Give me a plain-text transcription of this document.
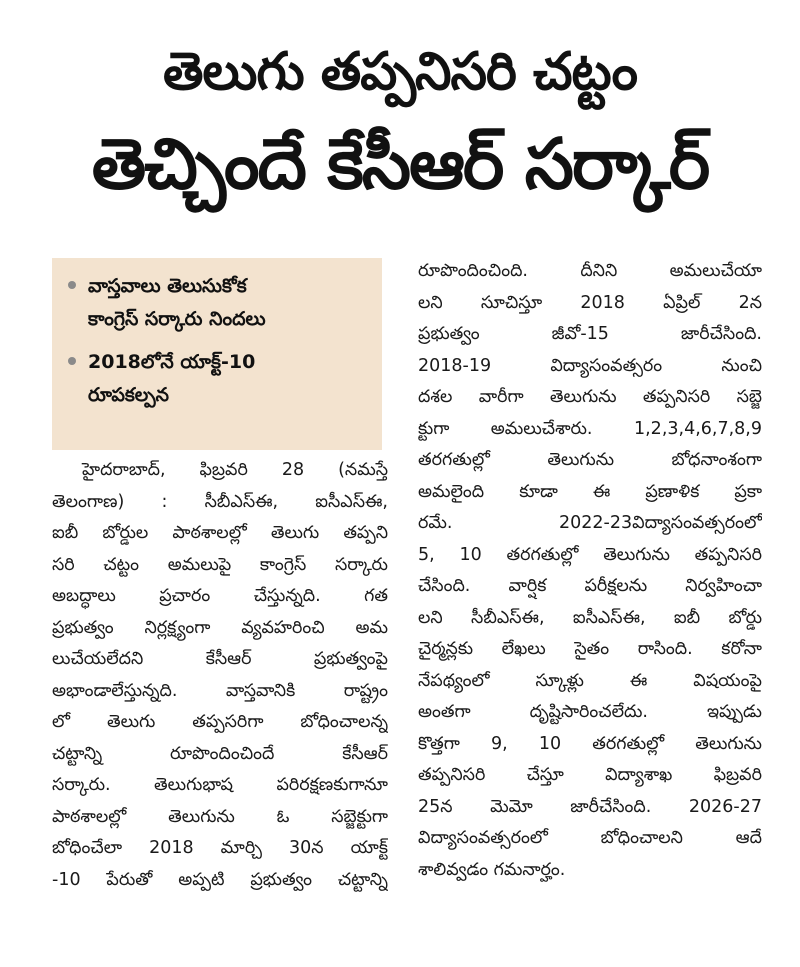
తెలుగు తప్పనిసరి చట్టం
తెచ్చిందే కేసీఆర్ సర్కార్
వాస్తవాలు తెలుసుకోక
కాంగ్రెస్ సర్కారు నిందలు
2018లోనే యాక్ట్-10
రూపకల్పన
హైదరాబాద్, ఫిబ్రవరి 28 (నమస్తే
తెలంగాణ) : సీబీఎస్ఈ, ఐసీఎస్ఈ,
ఐబీ బోర్డుల పాఠశాలల్లో తెలుగు తప్పని
సరి చట్టం అమలుపై కాంగ్రెస్ సర్కారు
అబద్ధాలు ప్రచారం చేస్తున్నది. గత
ప్రభుత్వం నిర్లక్ష్యంగా వ్యవహరించి అమ
లుచేయలేదని కేసీఆర్ ప్రభుత్వంపై
అభాండాలేస్తున్నది. వాస్తవానికి రాష్ట్రం
లో తెలుగు తప్పసరిగా బోధించాలన్న
చట్టాన్ని రూపొందించిందే కేసీఆర్
సర్కారు. తెలుగుభాష పరిరక్షణకుగానూ
పాఠశాలల్లో తెలుగును ఓ సబ్జెక్టుగా
బోధించేలా 2018 మార్చి 30న యాక్ట్
-10 పేరుతో అప్పటి ప్రభుత్వం చట్టాన్ని
రూపొందించింది. దీనిని అమలుచేయా
లని సూచిస్తూ 2018 ఏప్రిల్ 2న
ప్రభుత్వం జీవో-15 జారీచేసింది.
2018-19 విద్యాసంవత్సరం నుంచి
దశల వారీగా తెలుగును తప్పనిసరి సబ్జె
క్టుగా అమలుచేశారు. 1,2,3,4,6,7,8,9
తరగతుల్లో తెలుగును బోధనాంశంగా
అమలైంది కూడా ఈ ప్రణాళిక ప్రకా
రమే. 2022-23విద్యాసంవత్సరంలో
5, 10 తరగతుల్లో తెలుగును తప్పనిసరి
చేసింది. వార్షిక పరీక్షలను నిర్వహించా
లని సీబీఎస్ఈ, ఐసీఎస్ఈ, ఐబీ బోర్డు
చైర్మన్లకు లేఖలు సైతం రాసింది. కరోనా
నేపథ్యంలో స్కూళ్లు ఈ విషయంపై
అంతగా దృష్టిసారించలేదు. ఇప్పుడు
కొత్తగా 9, 10 తరగతుల్లో తెలుగును
తప్పనిసరి చేస్తూ విద్యాశాఖ ఫిబ్రవరి
25న మెమో జారీచేసింది. 2026-27
విద్యాసంవత్సరంలో బోధించాలని ఆదే
శాలివ్వడం గమనార్హం.
